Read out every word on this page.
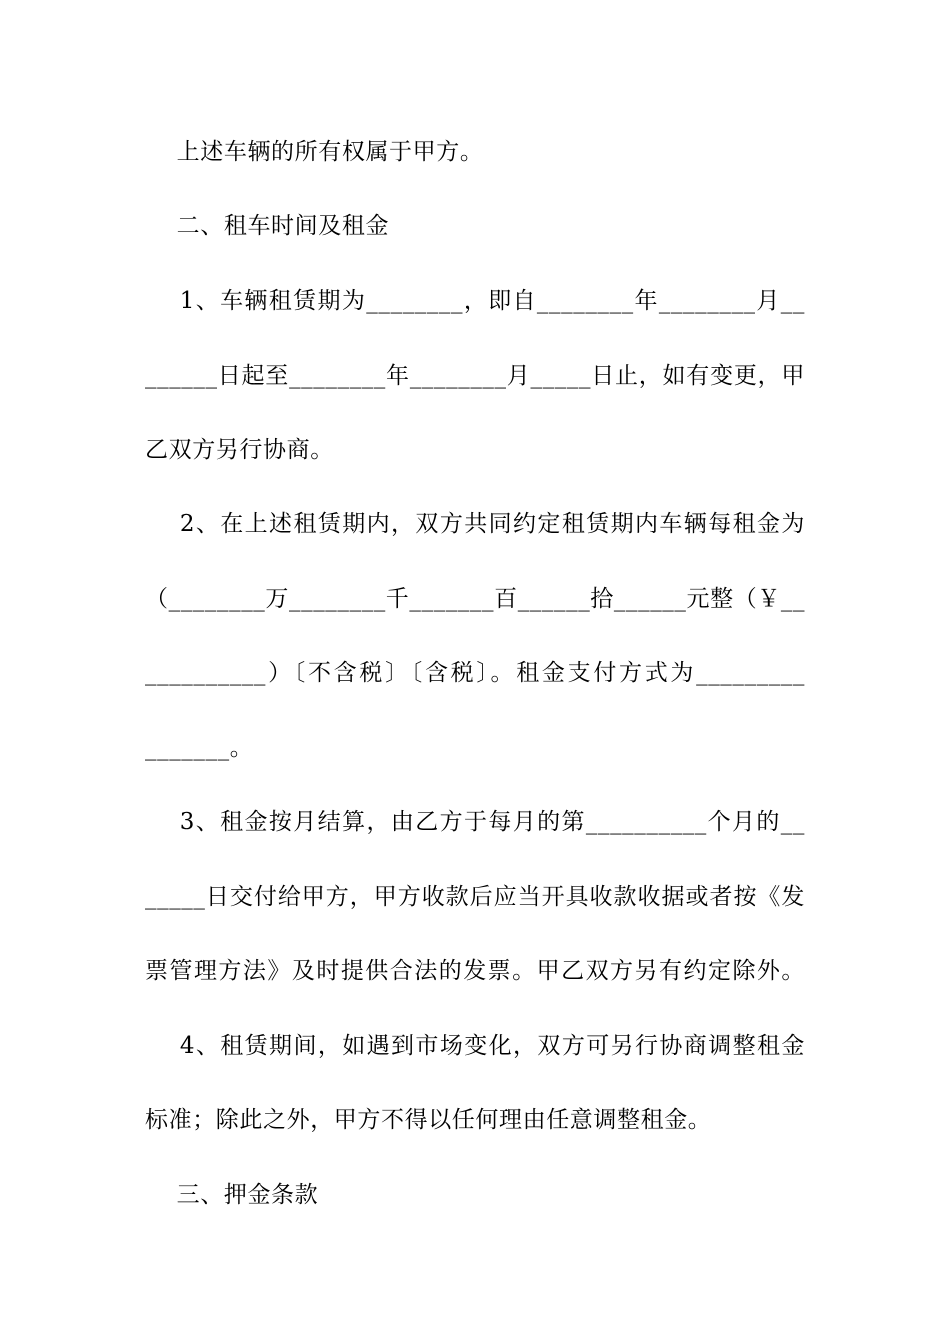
上述车辆的所有权属于甲方。
二、租车时间及租金
1、车辆租赁期为________，即自________年________月__
______日起至________年________月_____日止，如有变更，甲
乙双方另行协商。
2、在上述租赁期内，双方共同约定租赁期内车辆每租金为
（________万________千_______百______拾______元整（￥__
__________）〔不含税〕〔含税〕。租金支付方式为_________
_______。
3、租金按月结算，由乙方于每月的第__________个月的__
_____日交付给甲方，甲方收款后应当开具收款收据或者按《发
票管理方法》及时提供合法的发票。甲乙双方另有约定除外。
4、租赁期间，如遇到市场变化，双方可另行协商调整租金
标准；除此之外，甲方不得以任何理由任意调整租金。
三、押金条款
